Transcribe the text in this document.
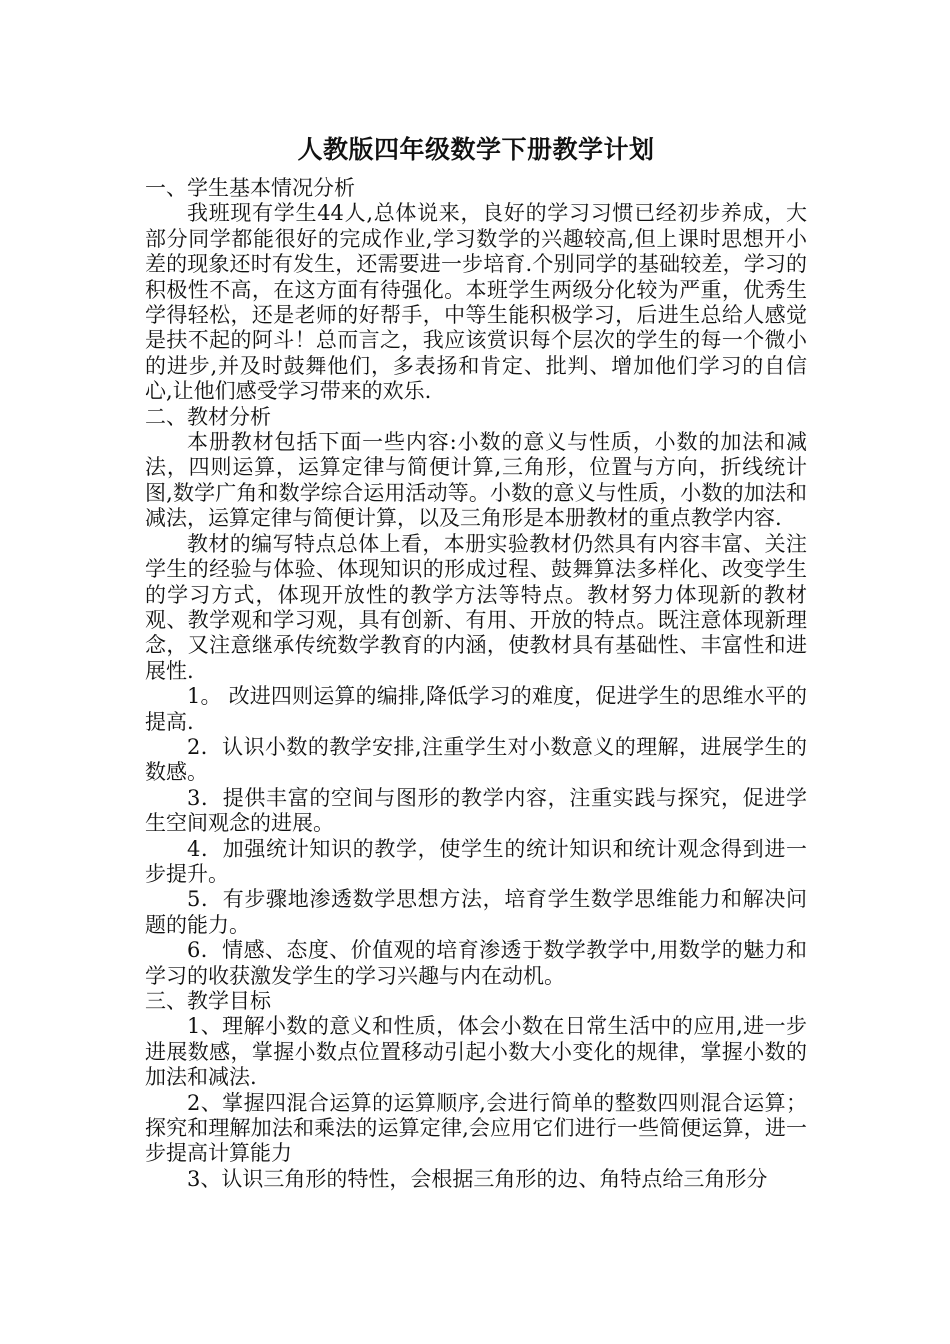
人教版四年级数学下册教学计划
一、学生基本情况分析

我班现有学生44人,总体说来，良好的学习习惯已经初步养成，大部分同学都能很好的完成作业,学习数学的兴趣较高,但上课时思想开小差的现象还时有发生，还需要进一步培育.个别同学的基础较差，学习的积极性不高，在这方面有待强化。本班学生两级分化较为严重，优秀生学得轻松，还是老师的好帮手，中等生能积极学习，后进生总给人感觉是扶不起的阿斗！总而言之，我应该赏识每个层次的学生的每一个微小的进步,并及时鼓舞他们，多表扬和肯定、批判、增加他们学习的自信心,让他们感受学习带来的欢乐.

二、教材分析

本册教材包括下面一些内容:小数的意义与性质，小数的加法和减法，四则运算，运算定律与简便计算,三角形，位置与方向，折线统计图,数学广角和数学综合运用活动等。小数的意义与性质，小数的加法和减法，运算定律与简便计算，以及三角形是本册教材的重点教学内容.

教材的编写特点总体上看，本册实验教材仍然具有内容丰富、关注学生的经验与体验、体现知识的形成过程、鼓舞算法多样化、改变学生的学习方式，体现开放性的教学方法等特点。教材努力体现新的教材观、教学观和学习观，具有创新、有用、开放的特点。既注意体现新理念，又注意继承传统数学教育的内涵，使教材具有基础性、丰富性和进展性.

1。 改进四则运算的编排,降低学习的难度，促进学生的思维水平的提高.

2．认识小数的教学安排,注重学生对小数意义的理解，进展学生的数感。

3．提供丰富的空间与图形的教学内容，注重实践与探究，促进学生空间观念的进展。

4．加强统计知识的教学，使学生的统计知识和统计观念得到进一步提升。

5．有步骤地渗透数学思想方法，培育学生数学思维能力和解决问题的能力。

6．情感、态度、价值观的培育渗透于数学教学中,用数学的魅力和学习的收获激发学生的学习兴趣与内在动机。

三、教学目标

1、理解小数的意义和性质，体会小数在日常生活中的应用,进一步进展数感，掌握小数点位置移动引起小数大小变化的规律，掌握小数的加法和减法.

2、掌握四混合运算的运算顺序,会进行简单的整数四则混合运算；探究和理解加法和乘法的运算定律,会应用它们进行一些简便运算，进一步提高计算能力

3、认识三角形的特性，会根据三角形的边、角特点给三角形分
